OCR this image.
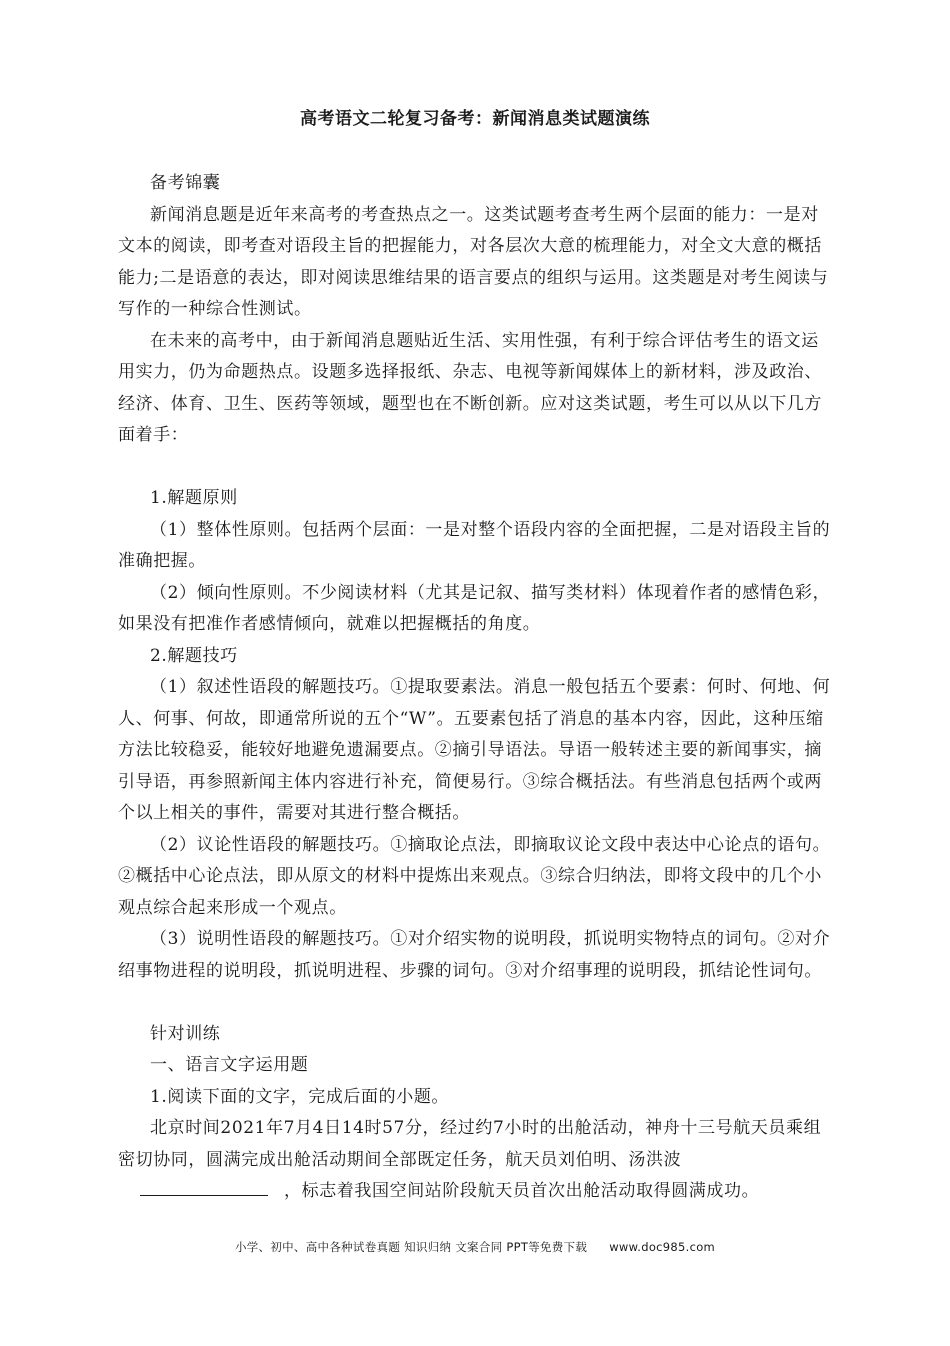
高考语文二轮复习备考：新闻消息类试题演练

备考锦囊

新闻消息题是近年来高考的考查热点之一。这类试题考查考生两个层面的能力：一是对文本的阅读，即考查对语段主旨的把握能力，对各层次大意的梳理能力，对全文大意的概括能力;二是语意的表达，即对阅读思维结果的语言要点的组织与运用。这类题是对考生阅读与写作的一种综合性测试。

在未来的高考中，由于新闻消息题贴近生活、实用性强，有利于综合评估考生的语文运用实力，仍为命题热点。设题多选择报纸、杂志、电视等新闻媒体上的新材料，涉及政治、经济、体育、卫生、医药等领域，题型也在不断创新。应对这类试题，考生可以从以下几方面着手：

1.解题原则

（1）整体性原则。包括两个层面：一是对整个语段内容的全面把握，二是对语段主旨的准确把握。

（2）倾向性原则。不少阅读材料（尤其是记叙、描写类材料）体现着作者的感情色彩，如果没有把准作者感情倾向，就难以把握概括的角度。

2.解题技巧

（1）叙述性语段的解题技巧。①提取要素法。消息一般包括五个要素：何时、何地、何人、何事、何故，即通常所说的五个“W”。五要素包括了消息的基本内容，因此，这种压缩方法比较稳妥，能较好地避免遗漏要点。②摘引导语法。导语一般转述主要的新闻事实，摘引导语，再参照新闻主体内容进行补充，简便易行。③综合概括法。有些消息包括两个或两个以上相关的事件，需要对其进行整合概括。

（2）议论性语段的解题技巧。①摘取论点法，即摘取议论文段中表达中心论点的语句。②概括中心论点法，即从原文的材料中提炼出来观点。③综合归纳法，即将文段中的几个小观点综合起来形成一个观点。

（3）说明性语段的解题技巧。①对介绍实物的说明段，抓说明实物特点的词句。②对介绍事物进程的说明段，抓说明进程、步骤的词句。③对介绍事理的说明段，抓结论性词句。

针对训练

一、语言文字运用题

1.阅读下面的文字，完成后面的小题。

北京时间2021年7月4日14时57分，经过约7小时的出舱活动，神舟十三号航天员乘组密切协同，圆满完成出舱活动期间全部既定任务，航天员刘伯明、汤洪波，标志着我国空间站阶段航天员首次出舱活动取得圆满成功。

小学、初中、高中各种试卷真题 知识归纳 文案合同 PPT等免费下载 www.doc985.com
